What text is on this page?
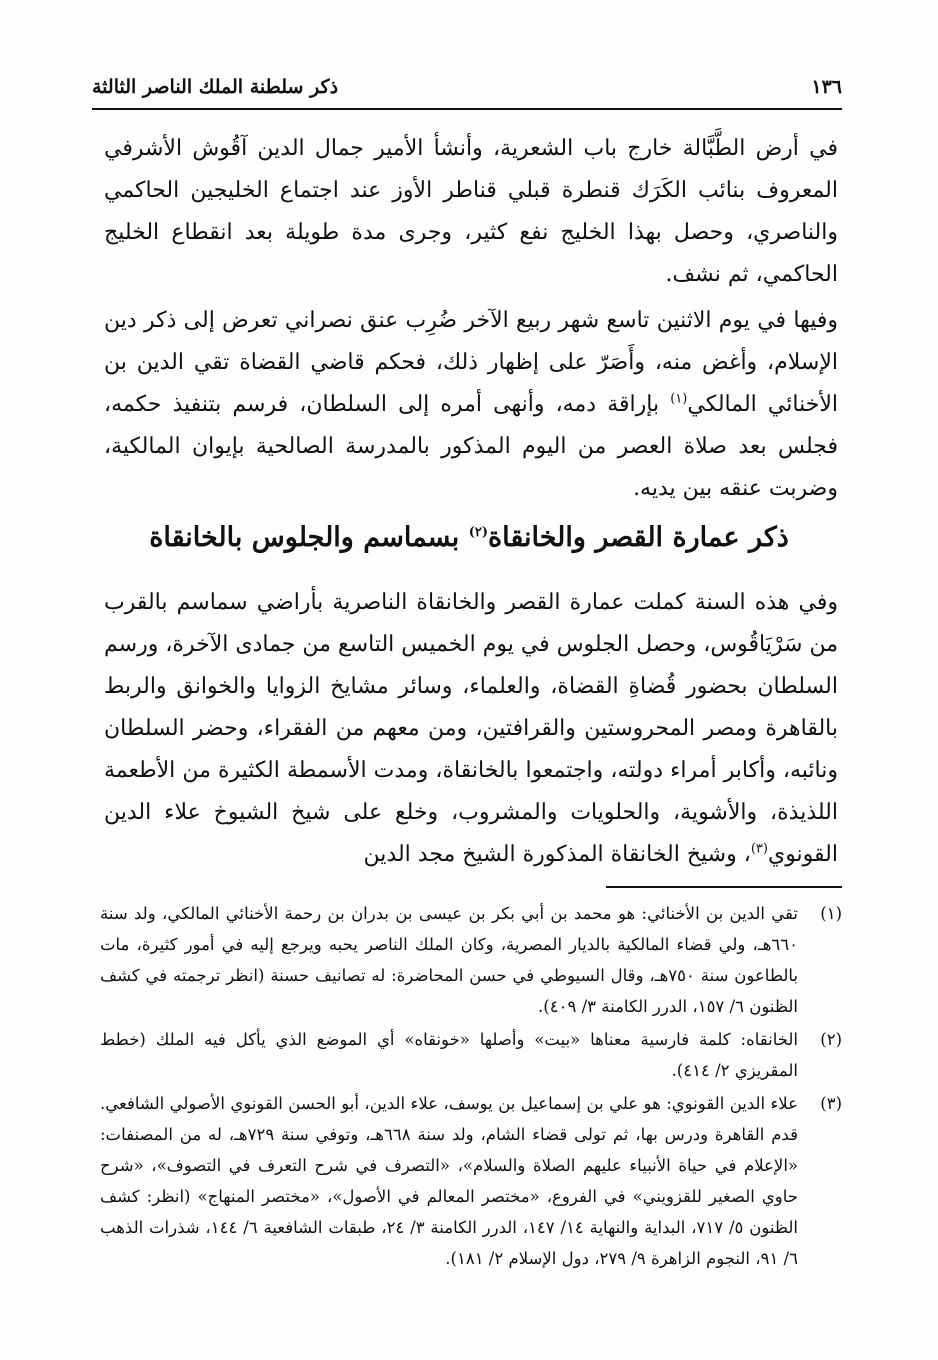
١٣٦
ذكر سلطنة الملك الناصر الثالثة
في أرض الطَّبَّالة خارج باب الشعرية، وأنشأ الأمير جمال الدين آقُوش الأشرفي المعروف بنائب الكَرَك قنطرة قبلي قناطر الأوز عند اجتماع الخليجين الحاكمي والناصري، وحصل بهذا الخليج نفع كثير، وجرى مدة طويلة بعد انقطاع الخليج الحاكمي، ثم نشف.
وفيها في يوم الاثنين تاسع شهر ربيع الآخر ضُرِب عنق نصراني تعرض إلى ذكر دين الإسلام، وأغض منه، وأَصَرّ على إظهار ذلك، فحكم قاضي القضاة تقي الدين بن الأخنائي المالكي$^{(١)}$ بإراقة دمه، وأنهى أمره إلى السلطان، فرسم بتنفيذ حكمه، فجلس بعد صلاة العصر من اليوم المذكور بالمدرسة الصالحية بإيوان المالكية، وضربت عنقه بين يديه.
ذكر عمارة القصر والخانقاة$^{(٢)}$ بسماسم والجلوس بالخانقاة
وفي هذه السنة كملت عمارة القصر والخانقاة الناصرية بأراضي سماسم بالقرب من سَرْيَاقُوس، وحصل الجلوس في يوم الخميس التاسع من جمادى الآخرة، ورسم السلطان بحضور قُضاةِ القضاة، والعلماء، وسائر مشايخ الزوايا والخوانق والربط بالقاهرة ومصر المحروستين والقرافتين، ومن معهم من الفقراء، وحضر السلطان ونائبه، وأكابر أمراء دولته، واجتمعوا بالخانقاة، ومدت الأسمطة الكثيرة من الأطعمة اللذيذة، والأشوية، والحلويات والمشروب، وخلع على شيخ الشيوخ علاء الدين القونوي$^{(٣)}$، وشيخ الخانقاة المذكورة الشيخ مجد الدين
(١)
تقي الدين بن الأخنائي: هو محمد بن أبي بكر بن عيسى بن بدران بن رحمة الأخنائي المالكي، ولد سنة ٦٦٠هـ، ولي قضاء المالكية بالديار المصرية، وكان الملك الناصر يحبه ويرجع إليه في أمور كثيرة، مات بالطاعون سنة ٧٥٠هـ، وقال السيوطي في حسن المحاضرة: له تصانيف حسنة (انظر ترجمته في كشف الظنون ٦/ ١٥٧، الدرر الكامنة ٣/ ٤٠٩).
(٢)
الخانقاه: كلمة فارسية معناها «بيت» وأصلها «خونقاه» أي الموضع الذي يأكل فيه الملك (خطط المقريزي ٢/ ٤١٤).
(٣)
علاء الدين القونوي: هو علي بن إسماعيل بن يوسف، علاء الدين، أبو الحسن القونوي الأصولي الشافعي. قدم القاهرة ودرس بها، ثم تولى قضاء الشام، ولد سنة ٦٦٨هـ، وتوفي سنة ٧٢٩هـ، له من المصنفات: «الإعلام في حياة الأنبياء عليهم الصلاة والسلام»، «التصرف في شرح التعرف في التصوف»، «شرح حاوي الصغير للقزويني» في الفروع، «مختصر المعالم في الأصول»، «مختصر المنهاج» (انظر: كشف الظنون ٥/ ٧١٧، البداية والنهاية ١٤/ ١٤٧، الدرر الكامنة ٣/ ٢٤، طبقات الشافعية ٦/ ١٤٤، شذرات الذهب ٦/ ٩١، النجوم الزاهرة ٩/ ٢٧٩، دول الإسلام ٢/ ١٨١).
